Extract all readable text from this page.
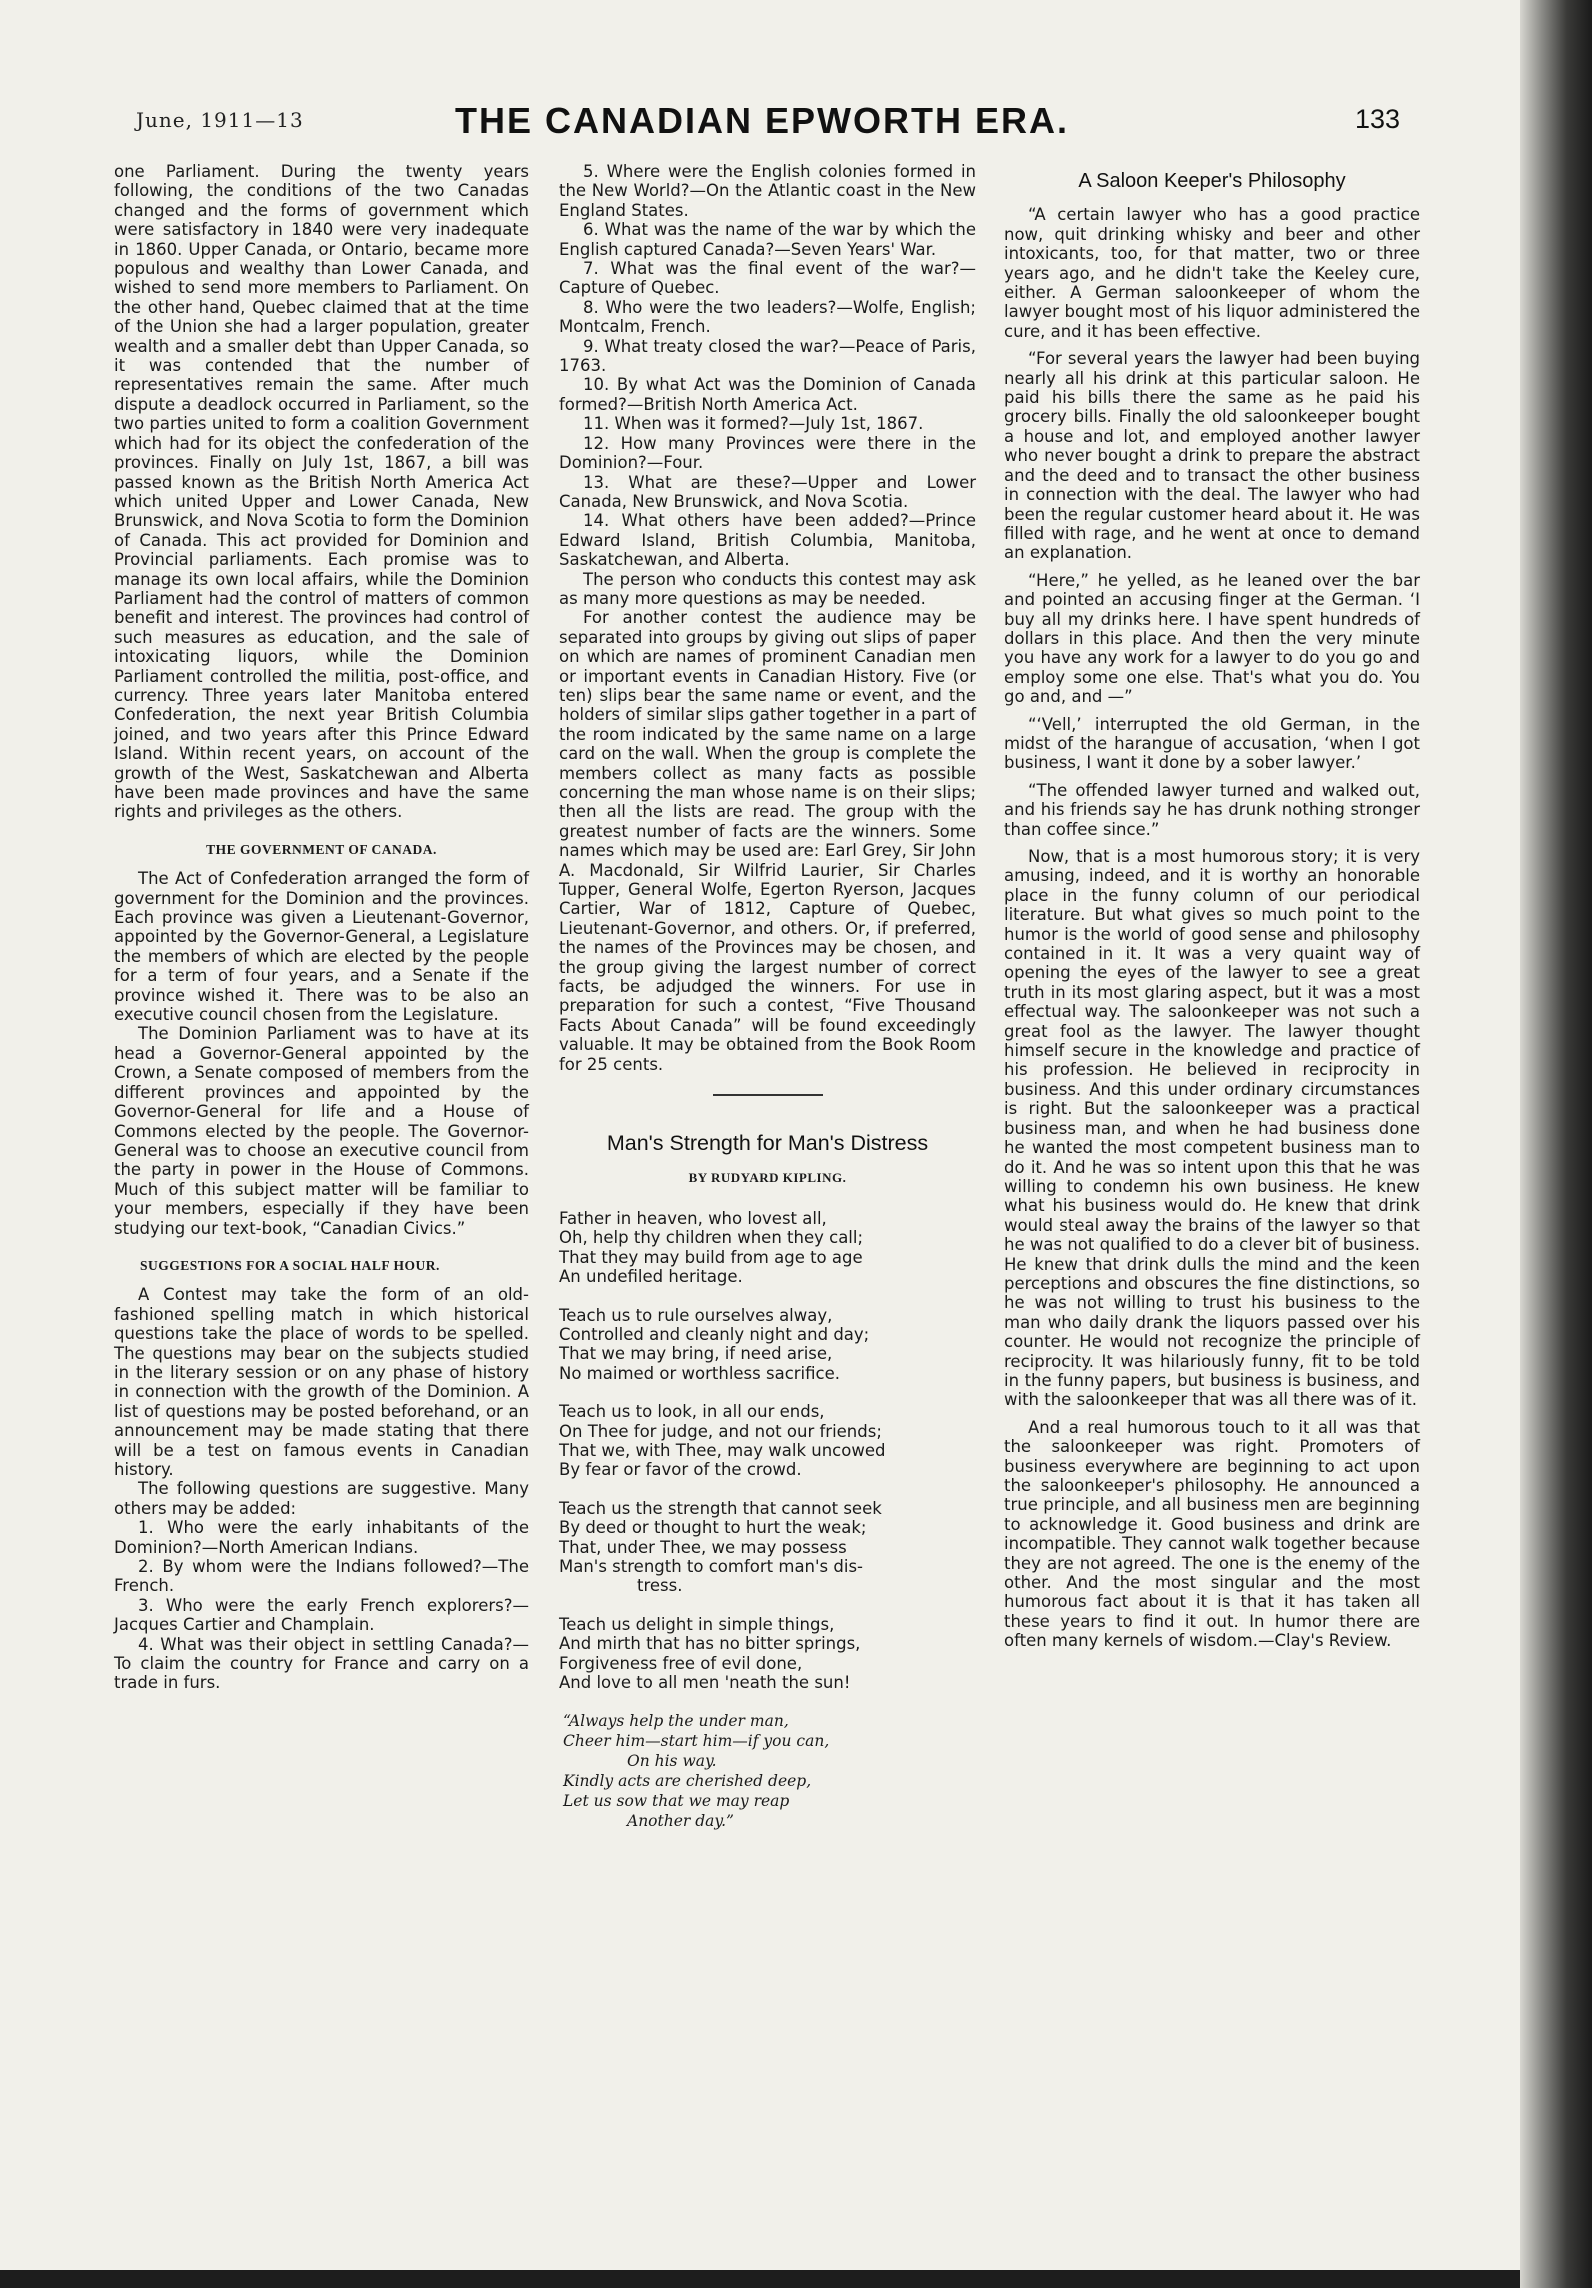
June, 1911—13	THE CANADIAN EPWORTH ERA.	133

one Parliament. During the twenty years following, the conditions of the two Canadas changed and the forms of government which were satisfactory in 1840 were very inadequate in 1860. Upper Canada, or Ontario, became more populous and wealthy than Lower Canada, and wished to send more members to Parliament. On the other hand, Quebec claimed that at the time of the Union she had a larger population, greater wealth and a smaller debt than Upper Canada, so it was contended that the number of representatives remain the same. After much dispute a deadlock occurred in Parliament, so the two parties united to form a coalition Government which had for its object the confederation of the provinces. Finally on July 1st, 1867, a bill was passed known as the British North America Act which united Upper and Lower Canada, New Brunswick, and Nova Scotia to form the Dominion of Canada. This act provided for Dominion and Provincial parliaments. Each promise was to manage its own local affairs, while the Dominion Parliament had the control of matters of common benefit and interest. The provinces had control of such measures as education, and the sale of intoxicating liquors, while the Dominion Parliament controlled the militia, post-office, and currency. Three years later Manitoba entered Confederation, the next year British Columbia joined, and two years after this Prince Edward Island. Within recent years, on account of the growth of the West, Saskatchewan and Alberta have been made provinces and have the same rights and privileges as the others.

THE GOVERNMENT OF CANADA.

The Act of Confederation arranged the form of government for the Dominion and the provinces. Each province was given a Lieutenant-Governor, appointed by the Governor-General, a Legislature the members of which are elected by the people for a term of four years, and a Senate if the province wished it. There was to be also an executive council chosen from the Legislature.

The Dominion Parliament was to have at its head a Governor-General appointed by the Crown, a Senate composed of members from the different provinces and appointed by the Governor-General for life and a House of Commons elected by the people. The Governor-General was to choose an executive council from the party in power in the House of Commons. Much of this subject matter will be familiar to your members, especially if they have been studying our text-book, “Canadian Civics.”

SUGGESTIONS FOR A SOCIAL HALF HOUR.

A Contest may take the form of an old-fashioned spelling match in which historical questions take the place of words to be spelled. The questions may bear on the subjects studied in the literary session or on any phase of history in connection with the growth of the Dominion. A list of questions may be posted beforehand, or an announcement may be made stating that there will be a test on famous events in Canadian history.

The following questions are suggestive. Many others may be added:

1. Who were the early inhabitants of the Dominion?—North American Indians.

2. By whom were the Indians followed?—The French.

3. Who were the early French explorers?—Jacques Cartier and Champlain.

4. What was their object in settling Canada?—To claim the country for France and carry on a trade in furs.

5. Where were the English colonies formed in the New World?—On the Atlantic coast in the New England States.

6. What was the name of the war by which the English captured Canada?—Seven Years' War.

7. What was the final event of the war?—Capture of Quebec.

8. Who were the two leaders?—Wolfe, English; Montcalm, French.

9. What treaty closed the war?—Peace of Paris, 1763.

10. By what Act was the Dominion of Canada formed?—British North America Act.

11. When was it formed?—July 1st, 1867.

12. How many Provinces were there in the Dominion?—Four.

13. What are these?—Upper and Lower Canada, New Brunswick, and Nova Scotia.

14. What others have been added?—Prince Edward Island, British Columbia, Manitoba, Saskatchewan, and Alberta.

The person who conducts this contest may ask as many more questions as may be needed.

For another contest the audience may be separated into groups by giving out slips of paper on which are names of prominent Canadian men or important events in Canadian History. Five (or ten) slips bear the same name or event, and the holders of similar slips gather together in a part of the room indicated by the same name on a large card on the wall. When the group is complete the members collect as many facts as possible concerning the man whose name is on their slips; then all the lists are read. The group with the greatest number of facts are the winners. Some names which may be used are: Earl Grey, Sir John A. Macdonald, Sir Wilfrid Laurier, Sir Charles Tupper, General Wolfe, Egerton Ryerson, Jacques Cartier, War of 1812, Capture of Quebec, Lieutenant-Governor, and others. Or, if preferred, the names of the Provinces may be chosen, and the group giving the largest number of correct facts, be adjudged the winners. For use in preparation for such a contest, “Five Thousand Facts About Canada” will be found exceedingly valuable. It may be obtained from the Book Room for 25 cents.

Man's Strength for Man's Distress
BY RUDYARD KIPLING.
Father in heaven, who lovest all,
Oh, help thy children when they call;
That they may build from age to age
An undefiled heritage.
Teach us to rule ourselves alway,
Controlled and cleanly night and day;
That we may bring, if need arise,
No maimed or worthless sacrifice.
Teach us to look, in all our ends,
On Thee for judge, and not our friends;
That we, with Thee, may walk uncowed
By fear or favor of the crowd.
Teach us the strength that cannot seek
By deed or thought to hurt the weak;
That, under Thee, we may possess
Man's strength to comfort man's dis-
tress.
Teach us delight in simple things,
And mirth that has no bitter springs,
Forgiveness free of evil done,
And love to all men 'neath the sun!
“Always help the under man,
Cheer him—start him—if you can,
On his way.
Kindly acts are cherished deep,
Let us sow that we may reap
Another day.”
A Saloon Keeper's Philosophy

“A certain lawyer who has a good practice now, quit drinking whisky and beer and other intoxicants, too, for that matter, two or three years ago, and he didn't take the Keeley cure, either. A German saloonkeeper of whom the lawyer bought most of his liquor administered the cure, and it has been effective.

“For several years the lawyer had been buying nearly all his drink at this particular saloon. He paid his bills there the same as he paid his grocery bills. Finally the old saloonkeeper bought a house and lot, and employed another lawyer who never bought a drink to prepare the abstract and the deed and to transact the other business in connection with the deal. The lawyer who had been the regular customer heard about it. He was filled with rage, and he went at once to demand an explanation.

“Here,” he yelled, as he leaned over the bar and pointed an accusing finger at the German. ‘I buy all my drinks here. I have spent hundreds of dollars in this place. And then the very minute you have any work for a lawyer to do you go and employ some one else. That's what you do. You go and, and —”

“‘Vell,’ interrupted the old German, in the midst of the harangue of accusation, ‘when I got business, I want it done by a sober lawyer.’

“The offended lawyer turned and walked out, and his friends say he has drunk nothing stronger than coffee since.”

Now, that is a most humorous story; it is very amusing, indeed, and it is worthy an honorable place in the funny column of our periodical literature. But what gives so much point to the humor is the world of good sense and philosophy contained in it. It was a very quaint way of opening the eyes of the lawyer to see a great truth in its most glaring aspect, but it was a most effectual way. The saloonkeeper was not such a great fool as the lawyer. The lawyer thought himself secure in the knowledge and practice of his profession. He believed in reciprocity in business. And this under ordinary circumstances is right. But the saloonkeeper was a practical business man, and when he had business done he wanted the most competent business man to do it. And he was so intent upon this that he was willing to condemn his own business. He knew what his business would do. He knew that drink would steal away the brains of the lawyer so that he was not qualified to do a clever bit of business. He knew that drink dulls the mind and the keen perceptions and obscures the fine distinctions, so he was not willing to trust his business to the man who daily drank the liquors passed over his counter. He would not recognize the principle of reciprocity. It was hilariously funny, fit to be told in the funny papers, but business is business, and with the saloonkeeper that was all there was of it.

And a real humorous touch to it all was that the saloonkeeper was right. Promoters of business everywhere are beginning to act upon the saloonkeeper's philosophy. He announced a true principle, and all business men are beginning to acknowledge it. Good business and drink are incompatible. They cannot walk together because they are not agreed. The one is the enemy of the other. And the most singular and the most humorous fact about it is that it has taken all these years to find it out. In humor there are often many kernels of wisdom.—Clay's Review.
